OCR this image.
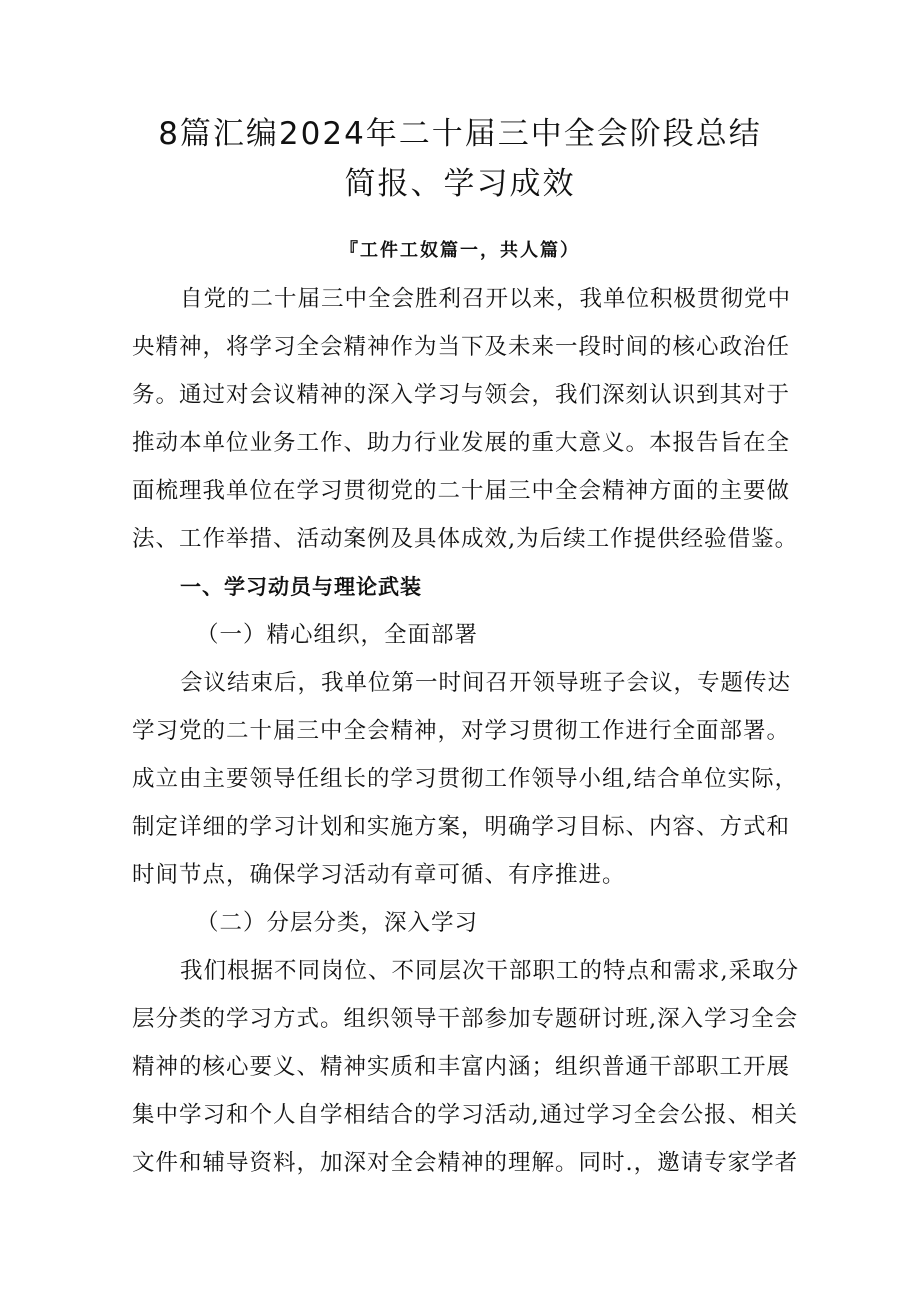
8篇汇编2024年二十届三中全会阶段总结
简报、学习成效
『工件工奴篇一，共人篇）
自党的二十届三中全会胜利召开以来，我单位积极贯彻党中
央精神，将学习全会精神作为当下及未来一段时间的核心政治任
务。通过对会议精神的深入学习与领会，我们深刻认识到其对于
推动本单位业务工作、助力行业发展的重大意义。本报告旨在全
面梳理我单位在学习贯彻党的二十届三中全会精神方面的主要做
法、工作举措、活动案例及具体成效,为后续工作提供经验借鉴。
一、学习动员与理论武装
（一）精心组织，全面部署
会议结束后，我单位第一时间召开领导班子会议，专题传达
学习党的二十届三中全会精神，对学习贯彻工作进行全面部署。
成立由主要领导任组长的学习贯彻工作领导小组,结合单位实际，
制定详细的学习计划和实施方案，明确学习目标、内容、方式和
时间节点，确保学习活动有章可循、有序推进。
（二）分层分类，深入学习
我们根据不同岗位、不同层次干部职工的特点和需求,采取分
层分类的学习方式。组织领导干部参加专题研讨班,深入学习全会
精神的核心要义、精神实质和丰富内涵；组织普通干部职工开展
集中学习和个人自学相结合的学习活动,通过学习全会公报、相关
文件和辅导资料，加深对全会精神的理解。同时.，邀请专家学者
